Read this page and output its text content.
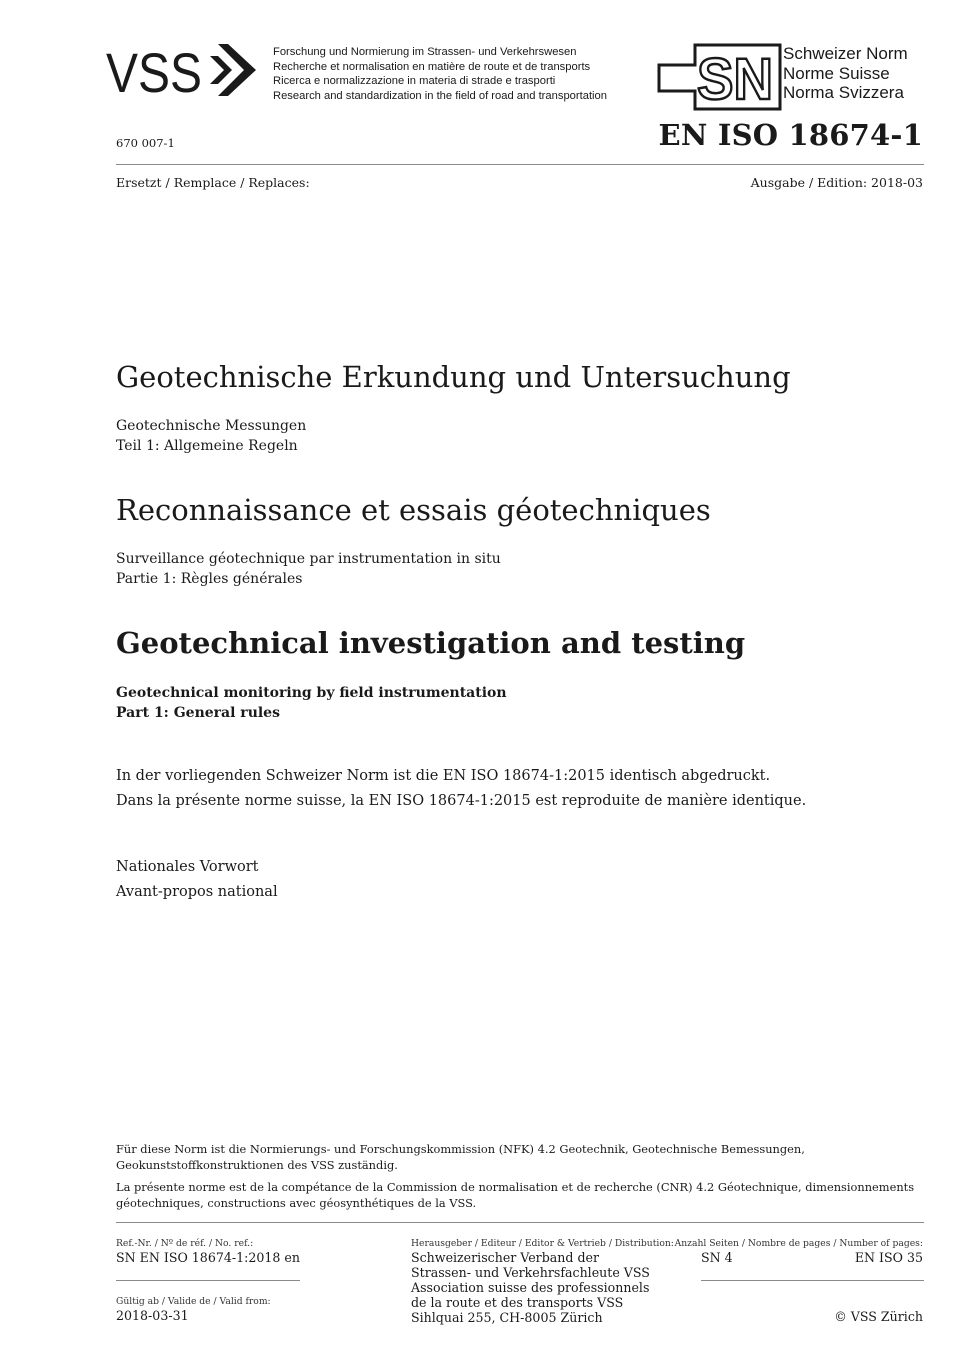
VSS	Forschung und Normierung im Strassen- und Verkehrswesen
Recherche et normalisation en matière de route et de transports
Ricerca e normalizzazione in materia di strade e trasporti
Research and standardization in the field of road and transportation SN Schweizer Norm
Norme Suisse
Norma Svizzera
670 007-1	EN ISO 18674-1
Ersetzt / Remplace / Replaces:	Ausgabe / Edition: 2018-03
Geotechnische Erkundung und Untersuchung
Geotechnische Messungen
Teil 1: Allgemeine Regeln
Reconnaissance et essais géotechniques
Surveillance géotechnique par instrumentation in situ
Partie 1: Règles générales
Geotechnical investigation and testing
Geotechnical monitoring by field instrumentation
Part 1: General rules
In der vorliegenden Schweizer Norm ist die EN ISO 18674-1:2015 identisch abgedruckt.
Dans la présente norme suisse, la EN ISO 18674-1:2015 est reproduite de manière identique.
Nationales Vorwort
Avant-propos national
Für diese Norm ist die Normierungs- und Forschungskommission (NFK) 4.2 Geotechnik, Geotechnische Bemessungen, Geokunststoffkonstruktionen des VSS zuständig.
La présente norme est de la compétance de la Commission de normalisation et de recherche (CNR) 4.2 Géotechnique, dimensionnements géotechniques, constructions avec géosynthétiques de la VSS.
Ref.-Nr. / Nº de réf. / No. ref.:
SN EN ISO 18674-1:2018 en
Gültig ab / Valide de / Valid from:
2018-03-31
Herausgeber / Editeur / Editor & Vertrieb / Distribution:
Schweizerischer Verband der
Strassen- und Verkehrsfachleute VSS
Association suisse des professionnels
de la route et des transports VSS
Sihlquai 255, CH-8005 Zürich
Anzahl Seiten / Nombre de pages / Number of pages:
SN 4	EN ISO 35
© VSS Zürich
